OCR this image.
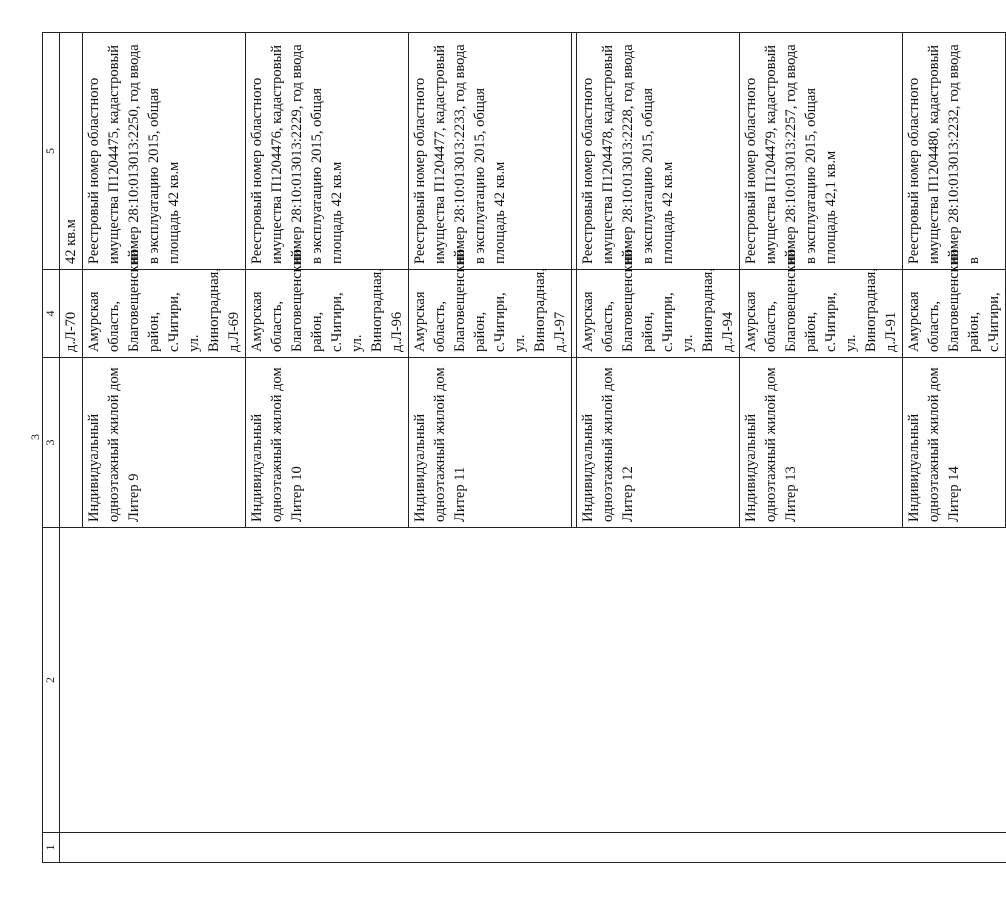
3
1	2	3	4	5
			д.Л-70	42 кв.м
		Индивидуальный одноэтажный жилой дом Литер 9	Амурская область, Благовещенский район, с.Чигири, ул. Виноградная, д.Л-69	Реестровый номер областного имущества П1204475, кадастровый номер 28:10:013013:2250, год ввода в эксплуатацию 2015, общая площадь 42 кв.м
		Индивидуальный одноэтажный жилой дом Литер 10	Амурская область, Благовещенский район, с.Чигири, ул. Виноградная, д.Л-96	Реестровый номер областного имущества П1204476, кадастровый номер 28:10:013013:2229, год ввода в эксплуатацию 2015, общая площадь 42 кв.м
		Индивидуальный одноэтажный жилой дом Литер 11	Амурская область, Благовещенский район, с.Чигири, ул. Виноградная, д.Л-97	Реестровый номер областного имущества П1204477, кадастровый номер 28:10:013013:2233, год ввода в эксплуатацию 2015, общая площадь 42 кв.м

		Индивидуальный одноэтажный жилой дом Литер 12	Амурская область, Благовещенский район, с.Чигири, ул. Виноградная, д.Л-94	Реестровый номер областного имущества П1204478, кадастровый номер 28:10:013013:2228, год ввода в эксплуатацию 2015, общая площадь 42 кв.м
		Индивидуальный одноэтажный жилой дом Литер 13	Амурская область, Благовещенский район, с.Чигири, ул. Виноградная, д.Л-91	Реестровый номер областного имущества П1204479, кадастровый номер 28:10:013013:2257, год ввода в эксплуатацию 2015, общая площадь 42,1 кв.м
		Индивидуальный одноэтажный жилой дом Литер 14	Амурская область, Благовещенский район, с.Чигири,	Реестровый номер областного имущества П1204480, кадастровый номер 28:10:013013:2232, год ввода в
